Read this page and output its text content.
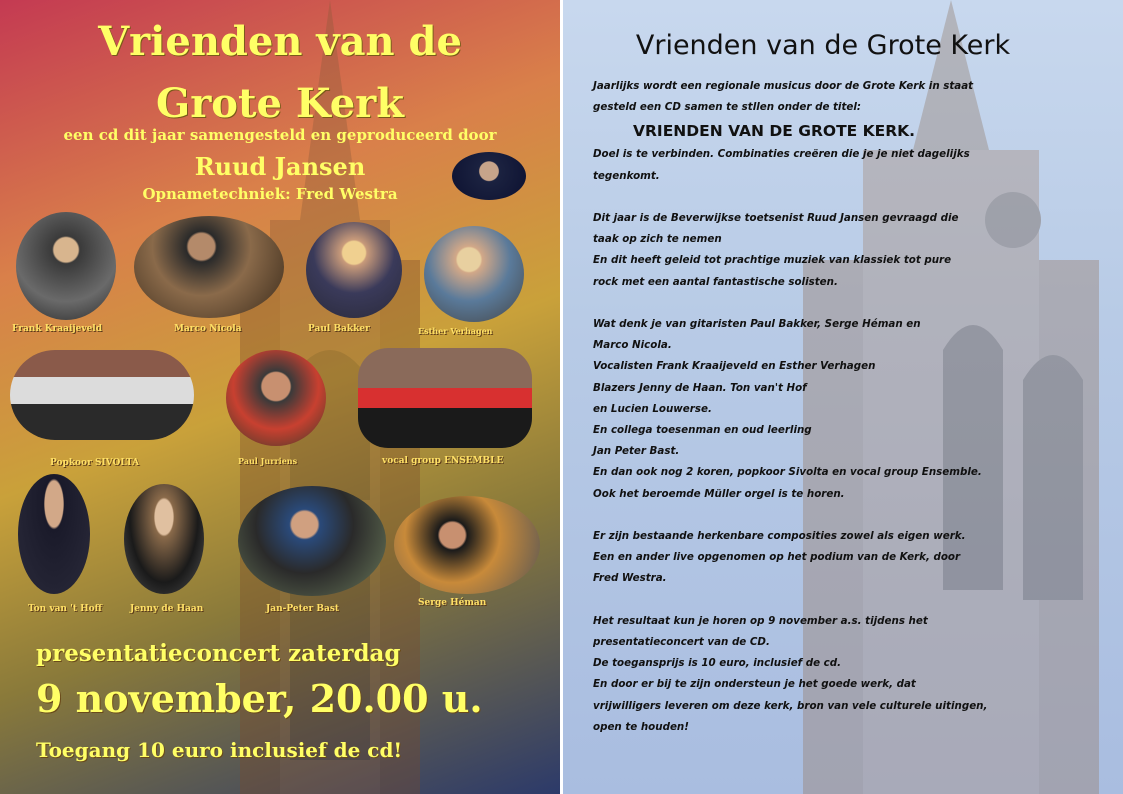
Vrienden van de
Grote Kerk
een cd dit jaar samengesteld en geproduceerd door
Ruud Jansen
Opnametechniek: Fred Westra
Frank Kraaijeveld	Marco Nicola	Paul Bakker	Esther Verhagen
Popkoor SIVOLTA	Paul Jurriens	vocal group ENSEMBLE
Ton van 't Hoff	Jenny de Haan	Jan-Peter Bast
Serge Héman
presentatieconcert zaterdag
9 november, 20.00 u.
Toegang 10 euro inclusief de cd!
Vrienden van de Grote Kerk

Jaarlijks wordt een regionale musicus door de Grote Kerk in staat

gesteld een CD samen te stllen onder de titel:

VRIENDEN VAN DE GROTE KERK.

Doel is te verbinden. Combinaties creëren die je je niet dagelijks

tegenkomt.

Dit jaar is de Beverwijkse toetsenist Ruud Jansen gevraagd die

taak op zich te nemen

En dit heeft geleid tot prachtige muziek van klassiek tot pure

rock met een aantal fantastische solisten.

Wat denk je van gitaristen Paul Bakker, Serge Héman en

Marco Nicola.

Vocalisten Frank Kraaijeveld en Esther Verhagen

Blazers Jenny de Haan. Ton van't Hof

en Lucien Louwerse.

En collega toesenman en oud leerling

Jan Peter Bast.

En dan ook nog 2 koren, popkoor Sivolta en vocal group Ensemble.

Ook het beroemde Müller orgel is te horen.

Er zijn bestaande herkenbare composities zowel als eigen werk.

Een en ander live opgenomen op het podium van de Kerk, door

Fred Westra.

Het resultaat kun je horen op 9 november a.s. tijdens het

presentatieconcert van de CD.

De toegansprijs is 10 euro, inclusief de cd.

En door er bij te zijn ondersteun je het goede werk, dat

vrijwilligers leveren om deze kerk, bron van vele culturele uitingen,

open te houden!
